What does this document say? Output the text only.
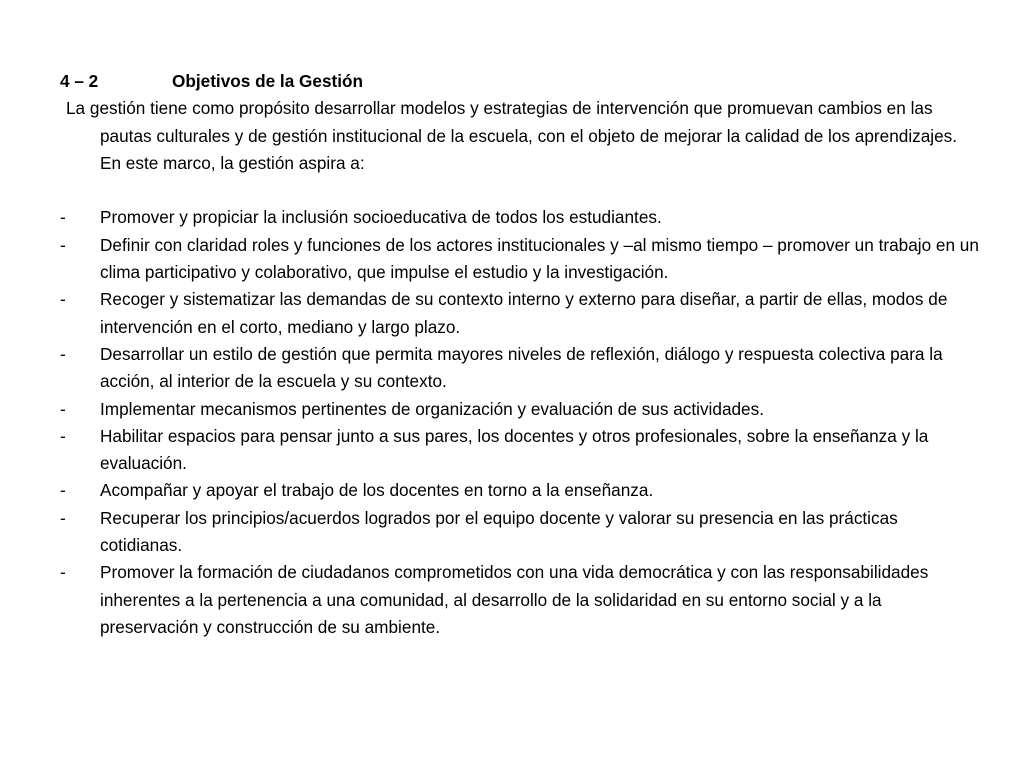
4 – 2	Objetivos de la Gestión
La gestión tiene como propósito desarrollar modelos y estrategias de intervención que promuevan cambios en las pautas culturales y de gestión institucional de la escuela, con el objeto de mejorar la calidad de los aprendizajes.
En este marco, la gestión aspira a:
- Promover y propiciar la inclusión socioeducativa de todos los estudiantes.
- Definir con claridad roles y funciones de los actores institucionales y –al mismo tiempo – promover un trabajo en un clima participativo y colaborativo, que impulse el estudio y la investigación.
- Recoger y sistematizar las demandas de su contexto interno y externo para diseñar, a partir de ellas, modos de intervención en el corto, mediano y largo plazo.
- Desarrollar un estilo de gestión que permita mayores niveles de reflexión, diálogo y respuesta colectiva para la acción, al interior de la escuela y su contexto.
- Implementar mecanismos pertinentes de organización y evaluación de sus actividades.
- Habilitar espacios para pensar junto a sus pares, los docentes y otros profesionales, sobre la enseñanza y la evaluación.
- Acompañar y apoyar el trabajo de los docentes en torno a la enseñanza.
- Recuperar los principios/acuerdos logrados por el equipo docente y valorar su presencia en las prácticas cotidianas.
- Promover la formación de ciudadanos comprometidos con una vida democrática y con las responsabilidades inherentes a la pertenencia a una comunidad, al desarrollo de la solidaridad en su entorno social y a la preservación y construcción de su ambiente.
